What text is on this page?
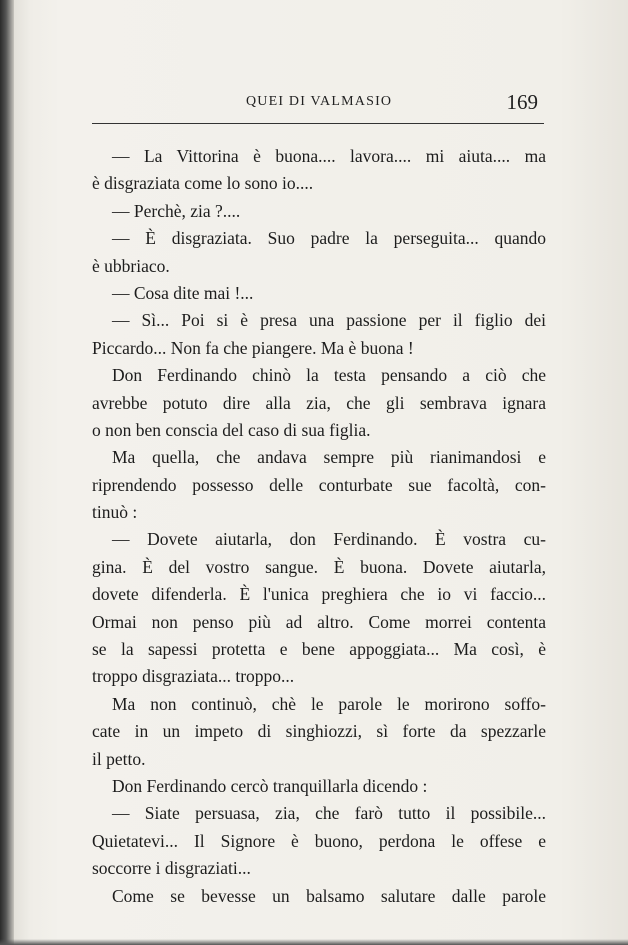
QUEI DI VALMASIO	169
— La Vittorina è buona.... lavora.... mi aiuta.... ma
è disgraziata come lo sono io....
— Perchè, zia ?....
— È disgraziata. Suo padre la perseguita... quando
è ubbriaco.
— Cosa dite mai !...
— Sì... Poi si è presa una passione per il figlio dei
Piccardo... Non fa che piangere. Ma è buona !
Don Ferdinando chinò la testa pensando a ciò che
avrebbe potuto dire alla zia, che gli sembrava ignara
o non ben conscia del caso di sua figlia.
Ma quella, che andava sempre più rianimandosi e
riprendendo possesso delle conturbate sue facoltà, con-
tinuò :
— Dovete aiutarla, don Ferdinando. È vostra cu-
gina. È del vostro sangue. È buona. Dovete aiutarla,
dovete difenderla. È l'unica preghiera che io vi faccio...
Ormai non penso più ad altro. Come morrei contenta
se la sapessi protetta e bene appoggiata... Ma così, è
troppo disgraziata... troppo...
Ma non continuò, chè le parole le morirono soffo-
cate in un impeto di singhiozzi, sì forte da spezzarle
il petto.
Don Ferdinando cercò tranquillarla dicendo :
— Siate persuasa, zia, che farò tutto il possibile...
Quietatevi... Il Signore è buono, perdona le offese e
soccorre i disgraziati...
Come se bevesse un balsamo salutare dalle parole
